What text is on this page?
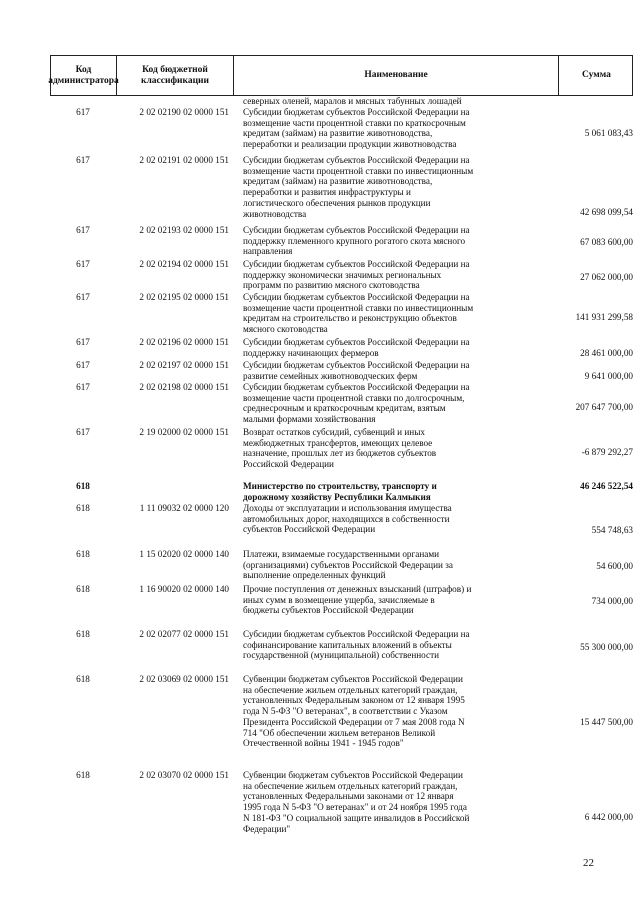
Код администратора
Код бюджетной классификации
Наименование	Сумма
северных оленей, маралов и мясных табунных лошадей
617	2 02 02190 02 0000 151	Субсидии бюджетам субъектов Российской Федерации на
возмещение части процентной ставки по краткосрочным
кредитам (займам) на развитие животноводства,
переработки и реализации продукции животноводства
5 061 083,43
617	2 02 02191 02 0000 151	Субсидии бюджетам субъектов Российской Федерации на
возмещение части процентной ставки по инвестиционным
кредитам (займам) на развитие животноводства,
переработки и развития инфраструктуры и
логистического обеспечения рынков продукции
животноводства	42 698 099,54
617	2 02 02193 02 0000 151	Субсидии бюджетам субъектов Российской Федерации на
поддержку племенного крупного рогатого скота мясного
направления
67 083 600,00
617	2 02 02194 02 0000 151	Субсидии бюджетам субъектов Российской Федерации на
поддержку экономически значимых региональных
программ по развитию мясного скотоводства
27 062 000,00
617	2 02 02195 02 0000 151	Субсидии бюджетам субъектов Российской Федерации на
возмещение части процентной ставки по инвестиционным
кредитам на строительство и реконструкцию объектов
мясного скотоводства
141 931 299,58
617	2 02 02196 02 0000 151	Субсидии бюджетам субъектов Российской Федерации на
поддержку начинающих фермеров	28 461 000,00
617	2 02 02197 02 0000 151	Субсидии бюджетам субъектов Российской Федерации на
развитие семейных животноводческих ферм	9 641 000,00
617	2 02 02198 02 0000 151	Субсидии бюджетам субъектов Российской Федерации на
возмещение части процентной ставки по долгосрочным,
среднесрочным и краткосрочным кредитам, взятым
малыми формами хозяйствования
207 647 700,00
617	2 19 02000 02 0000 151	Возврат остатков субсидий, субвенций и иных
межбюджетных трансфертов, имеющих целевое
назначение, прошлых лет из бюджетов субъектов
Российской Федерации
-6 879 292,27
618	Министерство по строительству, транспорту и
дорожному хозяйству Республики Калмыкия
46 246 522,54
618	1 11 09032 02 0000 120	Доходы от эксплуатации и использования имущества
автомобильных дорог, находящихся в собственности
субъектов Российской Федерации	554 748,63
618	1 15 02020 02 0000 140	Платежи, взимаемые государственными органами
(организациями) субъектов Российской Федерации за
выполнение определенных функций
54 600,00
618	1 16 90020 02 0000 140	Прочие поступления от денежных взысканий (штрафов) и
иных сумм в возмещение ущерба, зачисляемые в
бюджеты субъектов Российской Федерации
734 000,00
618	2 02 02077 02 0000 151	Субсидии бюджетам субъектов Российской Федерации на
софинансирование капитальных вложений в объекты
государственной (муниципальной) собственности
55 300 000,00
618	2 02 03069 02 0000 151	Субвенции бюджетам субъектов Российской Федерации
на обеспечение жильем отдельных категорий граждан,
установленных Федеральным законом от 12 января 1995
года N 5-ФЗ "О ветеранах", в соответствии с Указом
Президента Российской Федерации от 7 мая 2008 года N
714 "Об обеспечении жильем ветеранов Великой
Отечественной войны 1941 - 1945 годов"
15 447 500,00
618	2 02 03070 02 0000 151	Субвенции бюджетам субъектов Российской Федерации
на обеспечение жильем отдельных категорий граждан,
установленных Федеральными законами от 12 января
1995 года N 5-ФЗ "О ветеранах" и от 24 ноября 1995 года
N 181-ФЗ "О социальной защите инвалидов в Российской
Федерации"
6 442 000,00
22
